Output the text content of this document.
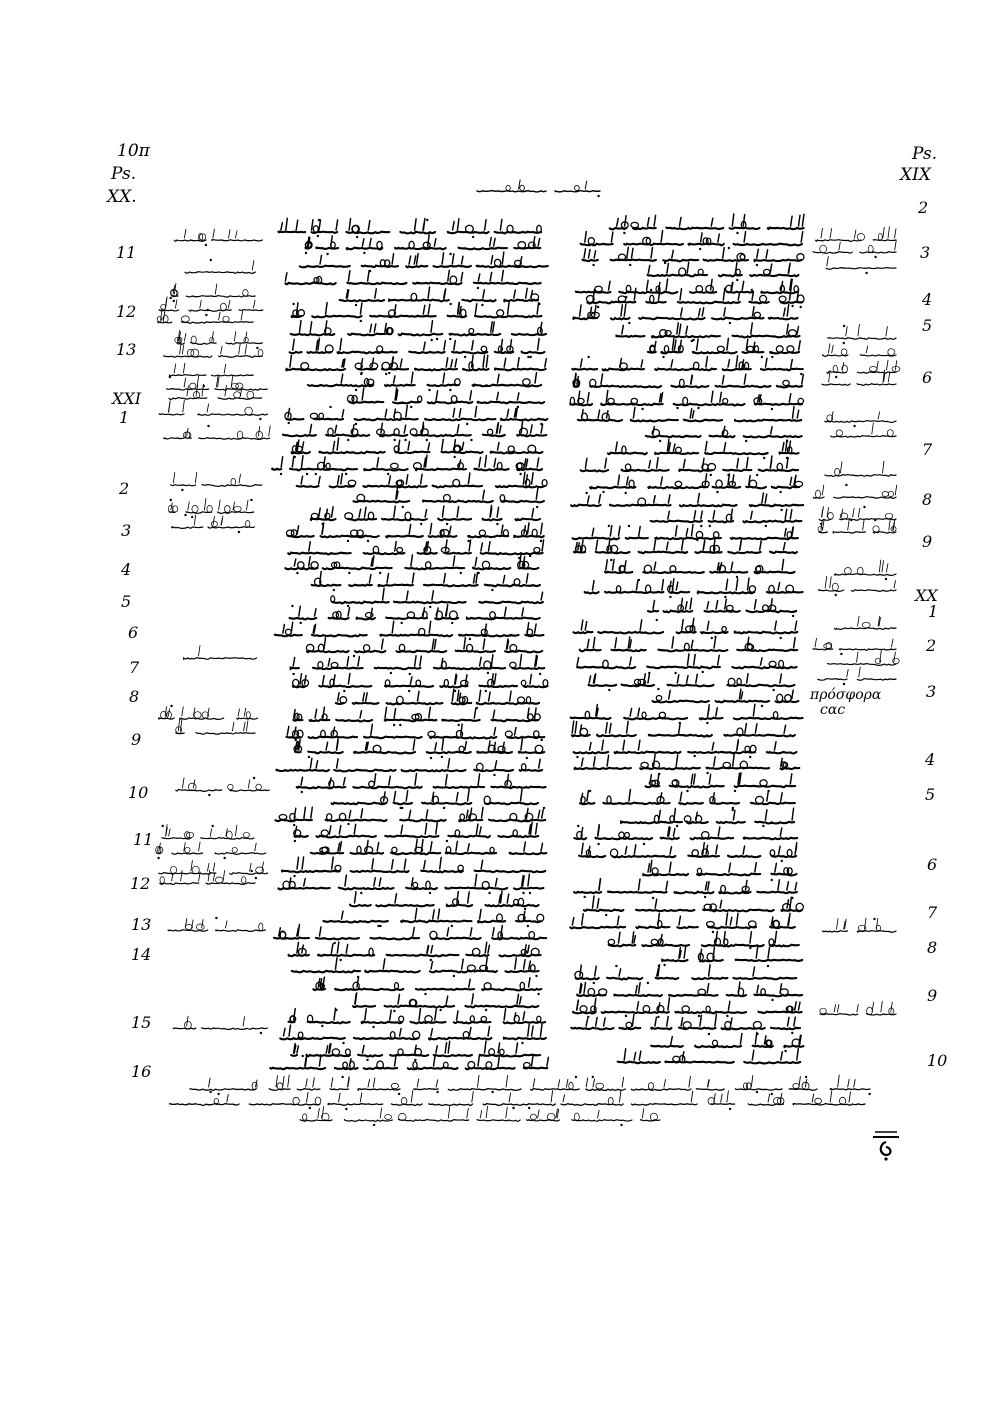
10π
Ps.
XX.
Ps.
XIX
11
12
13
XXI
1
2
3
4
5
6
7
8
9
10
11
12
13
14
15
16
2
3
4
5
6
7
8
9
XX
1
2
3
4
5
6
7
8
9
10
πρόσφορα
ϲαϲ
